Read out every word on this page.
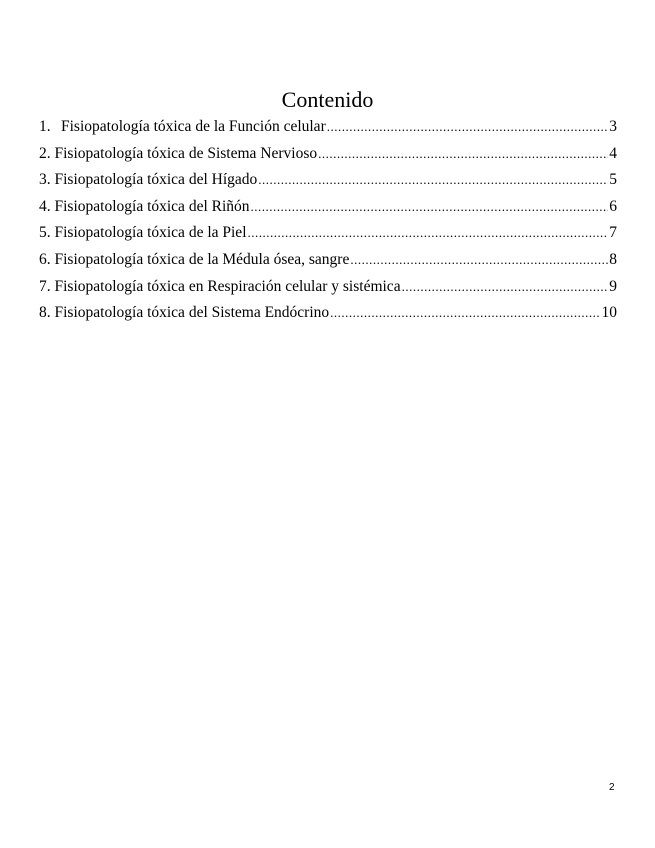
Contenido
1. Fisiopatología tóxica de la Función celular .....	3
2. Fisiopatología tóxica de Sistema Nervioso .....	4
3. Fisiopatología tóxica del Hígado .....	5
4. Fisiopatología tóxica del Riñón .....	6
5. Fisiopatología tóxica de la Piel .....	7
6. Fisiopatología tóxica de la Médula ósea, sangre .....	8
7. Fisiopatología tóxica en Respiración celular y sistémica .....	9
8. Fisiopatología tóxica del Sistema Endócrino .....	10
2
